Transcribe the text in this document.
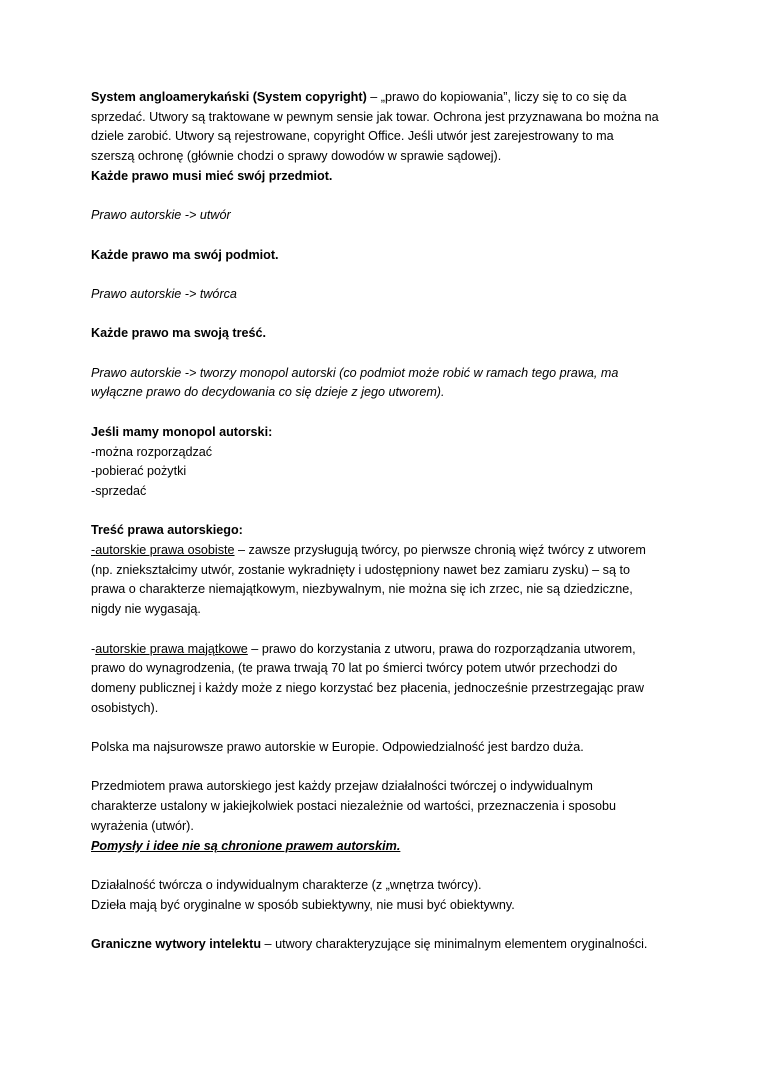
System angloamerykański (System copyright) – „prawo do kopiowania”, liczy się to co się da

sprzedać. Utwory są traktowane w pewnym sensie jak towar. Ochrona jest przyznawana bo można na

dziele zarobić. Utwory są rejestrowane, copyright Office. Jeśli utwór jest zarejestrowany to ma

szerszą ochronę (głównie chodzi o sprawy dowodów w sprawie sądowej).

Każde prawo musi mieć swój przedmiot.

Prawo autorskie -> utwór

Każde prawo ma swój podmiot.

Prawo autorskie -> twórca

Każde prawo ma swoją treść.

Prawo autorskie -> tworzy monopol autorski (co podmiot może robić w ramach tego prawa, ma

wyłączne prawo do decydowania co się dzieje z jego utworem).

Jeśli mamy monopol autorski:

-można rozporządzać

-pobierać pożytki

-sprzedać

Treść prawa autorskiego:

-autorskie prawa osobiste – zawsze przysługują twórcy, po pierwsze chronią więź twórcy z utworem

(np. zniekształcimy utwór, zostanie wykradnięty i udostępniony nawet bez zamiaru zysku) – są to

prawa o charakterze niemajątkowym, niezbywalnym, nie można się ich zrzec, nie są dziedziczne,

nigdy nie wygasają.

-autorskie prawa majątkowe – prawo do korzystania z utworu, prawa do rozporządzania utworem,

prawo do wynagrodzenia, (te prawa trwają 70 lat po śmierci twórcy potem utwór przechodzi do

domeny publicznej i każdy może z niego korzystać bez płacenia, jednocześnie przestrzegając praw

osobistych).

Polska ma najsurowsze prawo autorskie w Europie. Odpowiedzialność jest bardzo duża.

Przedmiotem prawa autorskiego jest każdy przejaw działalności twórczej o indywidualnym

charakterze ustalony w jakiejkolwiek postaci niezależnie od wartości, przeznaczenia i sposobu

wyrażenia (utwór).

Pomysły i idee nie są chronione prawem autorskim.

Działalność twórcza o indywidualnym charakterze (z „wnętrza twórcy).

Dzieła mają być oryginalne w sposób subiektywny, nie musi być obiektywny.

Graniczne wytwory intelektu – utwory charakteryzujące się minimalnym elementem oryginalności.
